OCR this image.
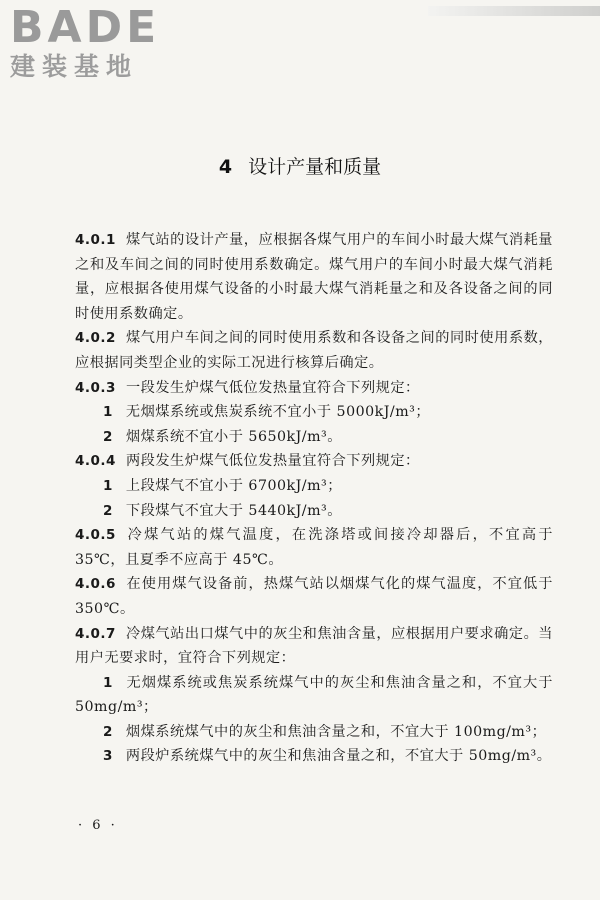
BADE
建装基地
4 设计产量和质量
4.0.1 煤气站的设计产量，应根据各煤气用户的车间小时最大煤气消耗量之和及车间之间的同时使用系数确定。煤气用户的车间小时最大煤气消耗量，应根据各使用煤气设备的小时最大煤气消耗量之和及各设备之间的同时使用系数确定。
4.0.2 煤气用户车间之间的同时使用系数和各设备之间的同时使用系数，应根据同类型企业的实际工况进行核算后确定。
4.0.3 一段发生炉煤气低位发热量宜符合下列规定：
1 无烟煤系统或焦炭系统不宜小于 5000kJ/m³；
2 烟煤系统不宜小于 5650kJ/m³。
4.0.4 两段发生炉煤气低位发热量宜符合下列规定：
1 上段煤气不宜小于 6700kJ/m³；
2 下段煤气不宜大于 5440kJ/m³。
4.0.5 冷煤气站的煤气温度，在洗涤塔或间接冷却器后，不宜高于 35℃，且夏季不应高于 45℃。
4.0.6 在使用煤气设备前，热煤气站以烟煤气化的煤气温度，不宜低于 350℃。
4.0.7 冷煤气站出口煤气中的灰尘和焦油含量，应根据用户要求确定。当用户无要求时，宜符合下列规定：
1 无烟煤系统或焦炭系统煤气中的灰尘和焦油含量之和，不宜大于 50mg/m³；
2 烟煤系统煤气中的灰尘和焦油含量之和，不宜大于 100mg/m³；
3 两段炉系统煤气中的灰尘和焦油含量之和，不宜大于 50mg/m³。
· 6 ·
